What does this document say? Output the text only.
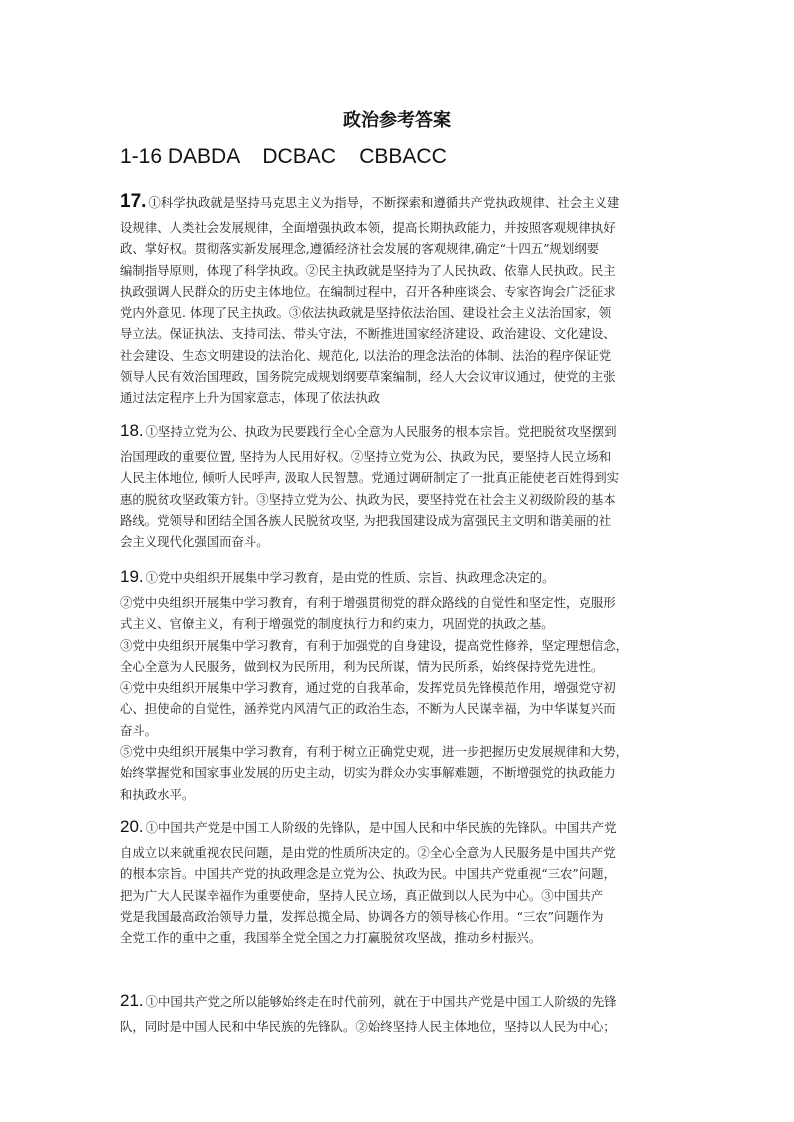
政治参考答案
1-16 DABDA    DCBAC    CBBACC
17. ①科学执政就是坚持马克思主义为指导，不断探索和遵循共产党执政规律、社会主义建
设规律、人类社会发展规律，全面增强执政本领，提高长期执政能力，并按照客观规律执好
政、掌好权。贯彻落实新发展理念,遵循经济社会发展的客观规律,确定“十四五”规划纲要
编制指导原则，体现了科学执政。②民主执政就是坚持为了人民执政、依靠人民执政。民主
执政强调人民群众的历史主体地位。在编制过程中，召开各种座谈会、专家咨询会广泛征求
党内外意见. 体现了民主执政。③依法执政就是坚持依法治国、建设社会主义法治国家，领
导立法。保证执法、支持司法、带头守法，不断推进国家经济建设、政治建设、文化建设、
社会建设、生态文明建设的法治化、规范化, 以法治的理念法治的体制、法治的程序保证党
领导人民有效治国理政，国务院完成规划纲要草案编制，经人大会议审议通过，使党的主张
通过法定程序上升为国家意志，体现了依法执政
18. ①坚持立党为公、执政为民要践行全心全意为人民服务的根本宗旨。党把脱贫攻坚摆到
治国理政的重要位置, 坚持为人民用好权。②坚持立党为公、执政为民，要坚持人民立场和
人民主体地位, 倾听人民呼声, 汲取人民智慧。党通过调研制定了一批真正能使老百姓得到实
惠的脱贫攻坚政策方针。③坚持立党为公、执政为民，要坚持党在社会主义初级阶段的基本
路线。党领导和团结全国各族人民脱贫攻坚, 为把我国建设成为富强民主文明和谐美丽的社
会主义现代化强国而奋斗。
19. ①党中央组织开展集中学习教育，是由党的性质、宗旨、执政理念决定的。
②党中央组织开展集中学习教育，有利于增强贯彻党的群众路线的自觉性和坚定性，克服形
式主义、官僚主义，有利于增强党的制度执行力和约束力，巩固党的执政之基。
③党中央组织开展集中学习教育，有利于加强党的自身建设，提高党性修养，坚定理想信念，
全心全意为人民服务，做到权为民所用，利为民所谋，情为民所系，始终保持党先进性。
④党中央组织开展集中学习教育，通过党的自我革命，发挥党员先锋模范作用，增强党守初
心、担使命的自觉性，涵养党内风清气正的政治生态，不断为人民谋幸福，为中华谋复兴而
奋斗。
⑤党中央组织开展集中学习教育，有利于树立正确党史观，进一步把握历史发展规律和大势，
始终掌握党和国家事业发展的历史主动，切实为群众办实事解难题，不断增强党的执政能力
和执政水平。
20. ①中国共产党是中国工人阶级的先锋队，是中国人民和中华民族的先锋队。中国共产党
自成立以来就重视农民问题，是由党的性质所决定的。②全心全意为人民服务是中国共产党
的根本宗旨。中国共产党的执政理念是立党为公、执政为民。中国共产党重视“三农”问题，
把为广大人民谋幸福作为重要使命，坚持人民立场，真正做到以人民为中心。③中国共产
党是我国最高政治领导力量，发挥总揽全局、协调各方的领导核心作用。“三农”问题作为
全党工作的重中之重，我国举全党全国之力打赢脱贫攻坚战，推动乡村振兴。
21. ①中国共产党之所以能够始终走在时代前列，就在于中国共产党是中国工人阶级的先锋
队，同时是中国人民和中华民族的先锋队。②始终坚持人民主体地位，坚持以人民为中心；
